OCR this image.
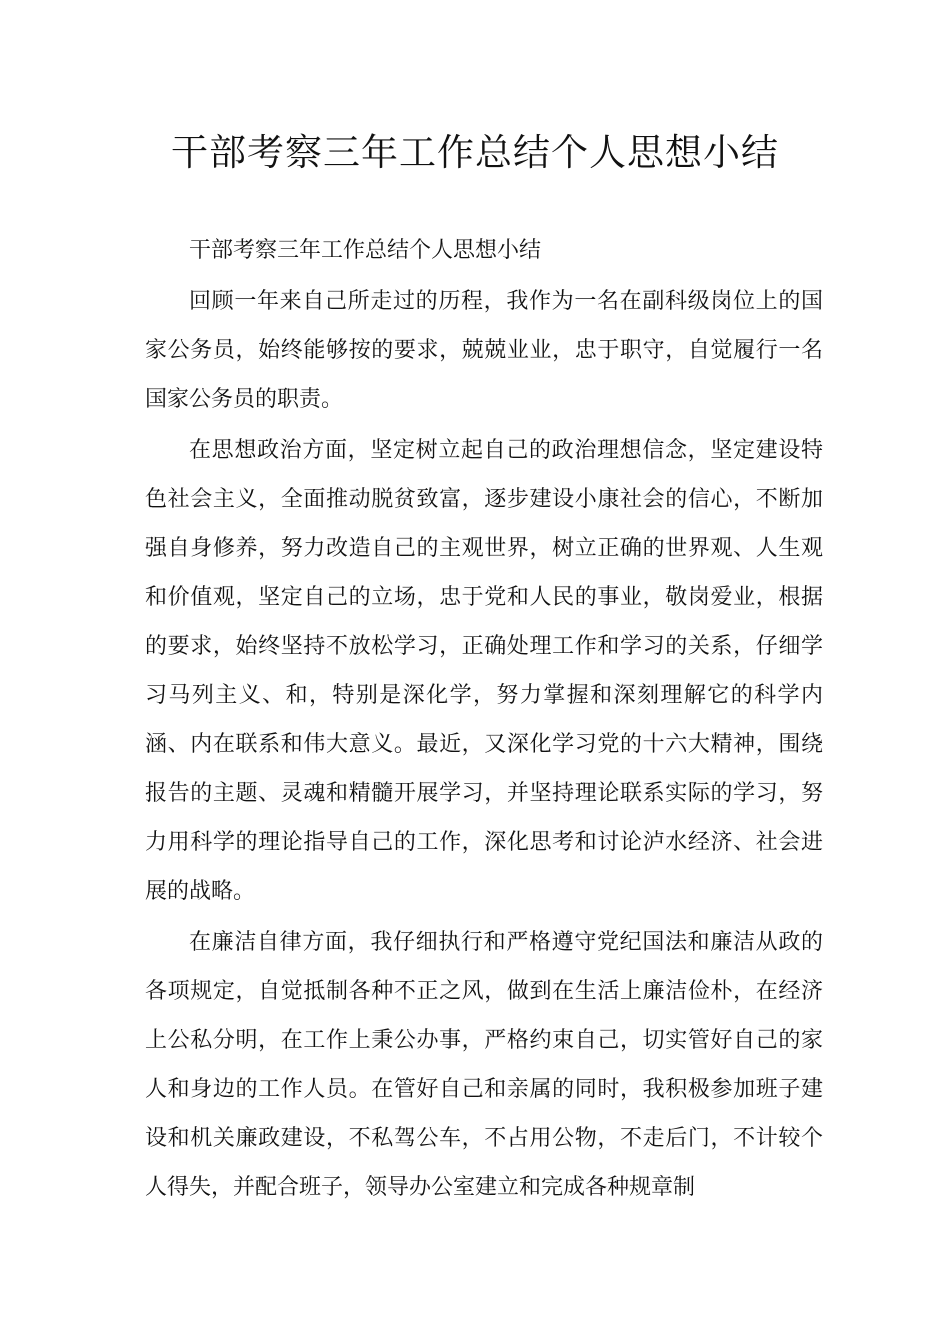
干部考察三年工作总结个人思想小结

干部考察三年工作总结个人思想小结

回顾一年来自己所走过的历程，我作为一名在副科级岗位上的国家公务员，始终能够按的要求，兢兢业业，忠于职守，自觉履行一名国家公务员的职责。

在思想政治方面，坚定树立起自己的政治理想信念，坚定建设特色社会主义，全面推动脱贫致富，逐步建设小康社会的信心，不断加强自身修养，努力改造自己的主观世界，树立正确的世界观、人生观和价值观，坚定自己的立场，忠于党和人民的事业，敬岗爱业，根据的要求，始终坚持不放松学习，正确处理工作和学习的关系，仔细学习马列主义、和，特别是深化学，努力掌握和深刻理解它的科学内涵、内在联系和伟大意义。最近，又深化学习党的十六大精神，围绕报告的主题、灵魂和精髓开展学习，并坚持理论联系实际的学习，努力用科学的理论指导自己的工作，深化思考和讨论泸水经济、社会进展的战略。

在廉洁自律方面，我仔细执行和严格遵守党纪国法和廉洁从政的各项规定，自觉抵制各种不正之风，做到在生活上廉洁俭朴，在经济上公私分明，在工作上秉公办事，严格约束自己，切实管好自己的家人和身边的工作人员。在管好自己和亲属的同时，我积极参加班子建设和机关廉政建设，不私驾公车，不占用公物，不走后门，不计较个人得失，并配合班子，领导办公室建立和完成各种规章制
